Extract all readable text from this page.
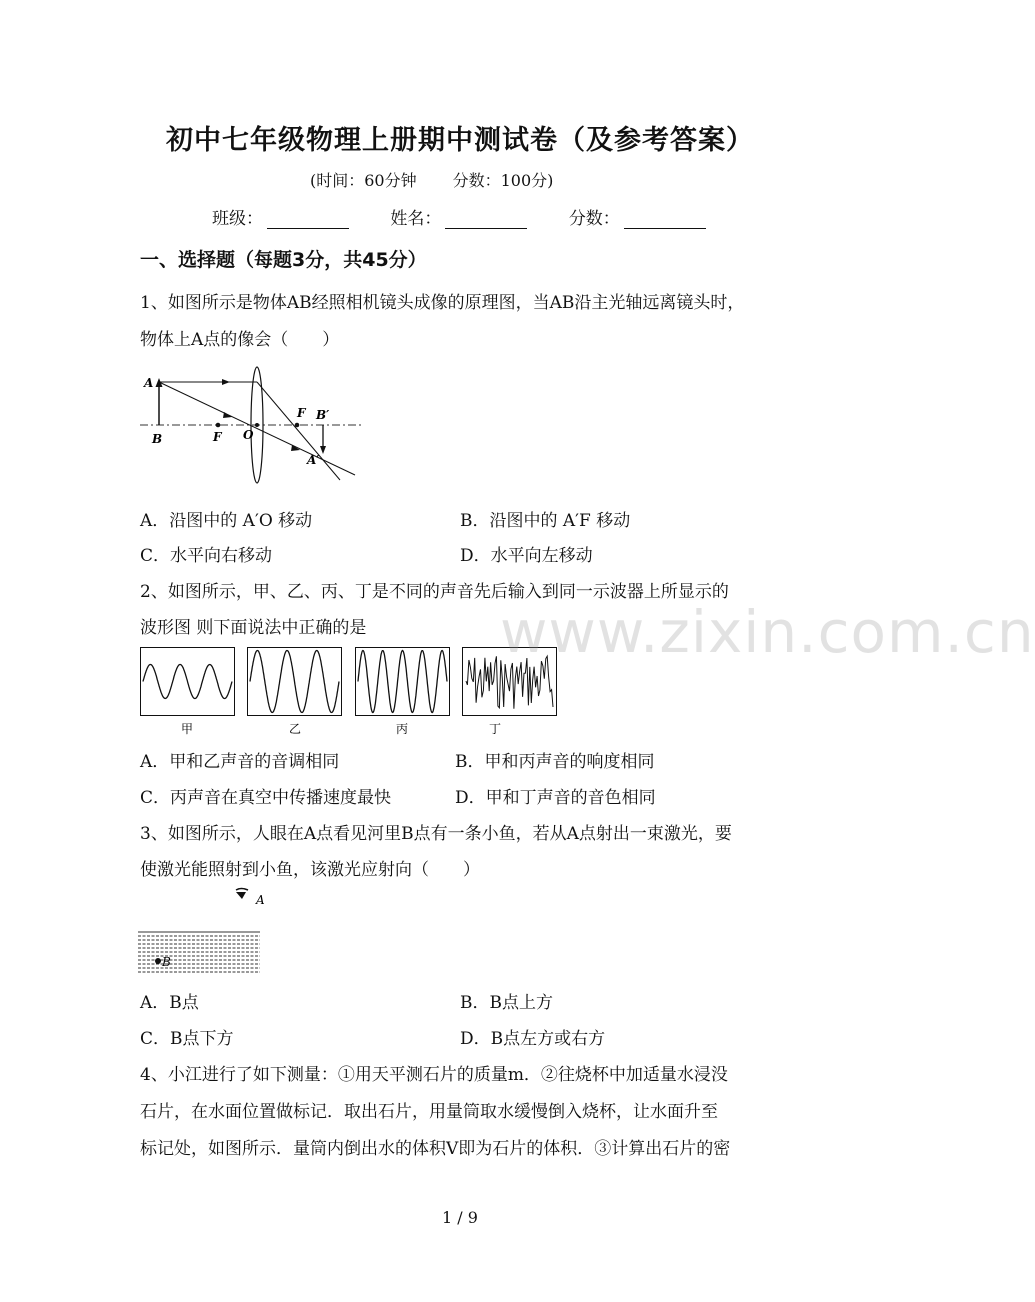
初中七年级物理上册期中测试卷（及参考答案）
(时间：60分钟 分数：100分)
班级：	姓名：	分数：
一、选择题（每题3分，共45分）
1、如图所示是物体AB经照相机镜头成像的原理图，当AB沿主光轴远离镜头时，
物体上A点的像会（　　）
A
B	F O
F B′
A′
A．沿图中的 A′O 移动	B．沿图中的 A′F 移动
C．水平向右移动	D．水平向左移动
2、如图所示，甲、乙、丙、丁是不同的声音先后输入到同一示波器上所显示的
波形图 则下面说法中正确的是
甲	乙	丙	丁
A．甲和乙声音的音调相同	B．甲和丙声音的响度相同
C．丙声音在真空中传播速度最快	D．甲和丁声音的音色相同
3、如图所示，人眼在A点看见河里B点有一条小鱼，若从A点射出一束激光，要
使激光能照射到小鱼，该激光应射向（　　）
A
B
A．B点	B．B点上方
C．B点下方	D．B点左方或右方
4、小江进行了如下测量：①用天平测石片的质量m．②往烧杯中加适量水浸没
石片，在水面位置做标记．取出石片，用量筒取水缓慢倒入烧杯，让水面升至
标记处，如图所示．量筒内倒出水的体积V即为石片的体积．③计算出石片的密
www.zixin.com.cn
1 / 9
